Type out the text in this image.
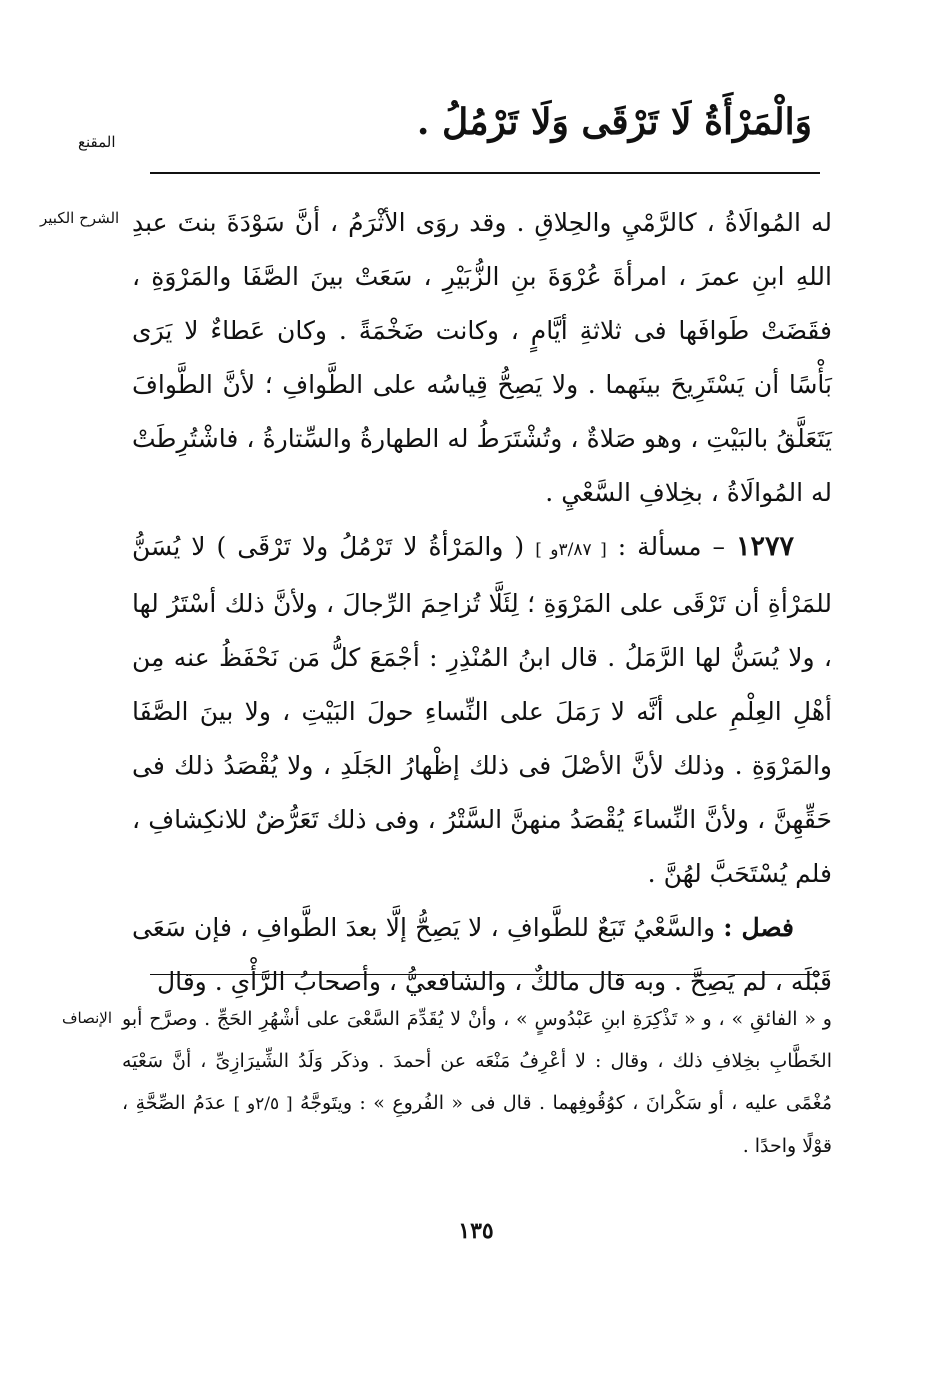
وَالْمَرْأَةُ لَا تَرْقَى وَلَا تَرْمُلُ .
المقنع
الشرح الكبير له المُوالَاةُ ، كالرَّمْيِ والحِلاقِ . وقد روَى الأثْرَمُ ، أنَّ سَوْدَةَ بنتَ عبدِ اللهِ ابنِ عمرَ ، امرأةَ عُرْوَةَ بنِ الزُّبَيْرِ ، سَعَتْ بينَ الصَّفَا والمَرْوَةِ ، فقَضَتْ طَوافَها فى ثلاثةِ أيَّامٍ ، وكانت ضَخْمَةً . وكان عَطاءٌ لا يَرَى بَأْسًا أن يَسْتَرِيحَ بينَهما . ولا يَصِحُّ قِياسُه على الطَّوافِ ؛ لأنَّ الطَّوافَ يَتَعَلَّقُ بالبَيْتِ ، وهو صَلاةٌ ، وتُشْتَرَطُ له الطهارةُ والسِّتارةُ ، فاشْتُرِطَتْ له المُوالَاةُ ، بخِلافِ السَّعْيِ .

١٢٧٧ – مسألة : [ ٣/٨٧و ] ( والمَرْأةُ لا تَرْمُلُ ولا تَرْقَى ) لا يُسَنُّ للمَرْأةِ أن تَرْقَى على المَرْوَةِ ؛ لِئَلَّا تُزاحِمَ الرِّجالَ ، ولأنَّ ذلك أسْتَرُ لها ، ولا يُسَنُّ لها الرَّمَلُ . قال ابنُ المُنْذِرِ : أجْمَعَ كلُّ مَن نَحْفَظُ عنه مِن أهْلِ العِلْمِ على أنَّه لا رَمَلَ على النِّساءِ حولَ البَيْتِ ، ولا بينَ الصَّفَا والمَرْوَةِ . وذلك لأنَّ الأصْلَ فى ذلك إظْهارُ الجَلَدِ ، ولا يُقْصَدُ ذلك فى حَقِّهِنَّ ، ولأنَّ النِّساءَ يُقْصَدُ منهنَّ السَّتْرُ ، وفى ذلك تَعَرُّضٌ للانكِشافِ ، فلم يُسْتَحَبَّ لهُنَّ .

فصل : والسَّعْيُ تَبَعٌ للطَّوافِ ، لا يَصِحُّ إلَّا بعدَ الطَّوافِ ، فإن سَعَى قَبْلَه ، لم يَصِحَّ . وبه قال مالكٌ ، والشافعيُّ ، وأصحابُ الرَّأْىِ . وقال

الإنصاف و « الفائقِ » ، و « تَذْكِرَةِ ابنِ عَبْدُوسٍ » ، وأنْ لا يُقَدِّمَ السَّعْىَ على أشْهُرِ الحَجِّ . وصرَّح أبو الخَطَّابِ بخِلافِ ذلك ، وقال : لا أعْرِفُ مَنْعَه عن أحمدَ . وذكَر وَلَدُ الشِّيرَازِىِّ ، أنَّ سَعْيَه مُغْمًى عليه ، أو سَكْرانَ ، كوُقُوفِهما . قال فى « الفُروعِ » : ويتَوجَّهُ [ ٢/٥و ] عدَمُ الصِّحَّةِ ، قوْلًا واحدًا .

١٣٥
